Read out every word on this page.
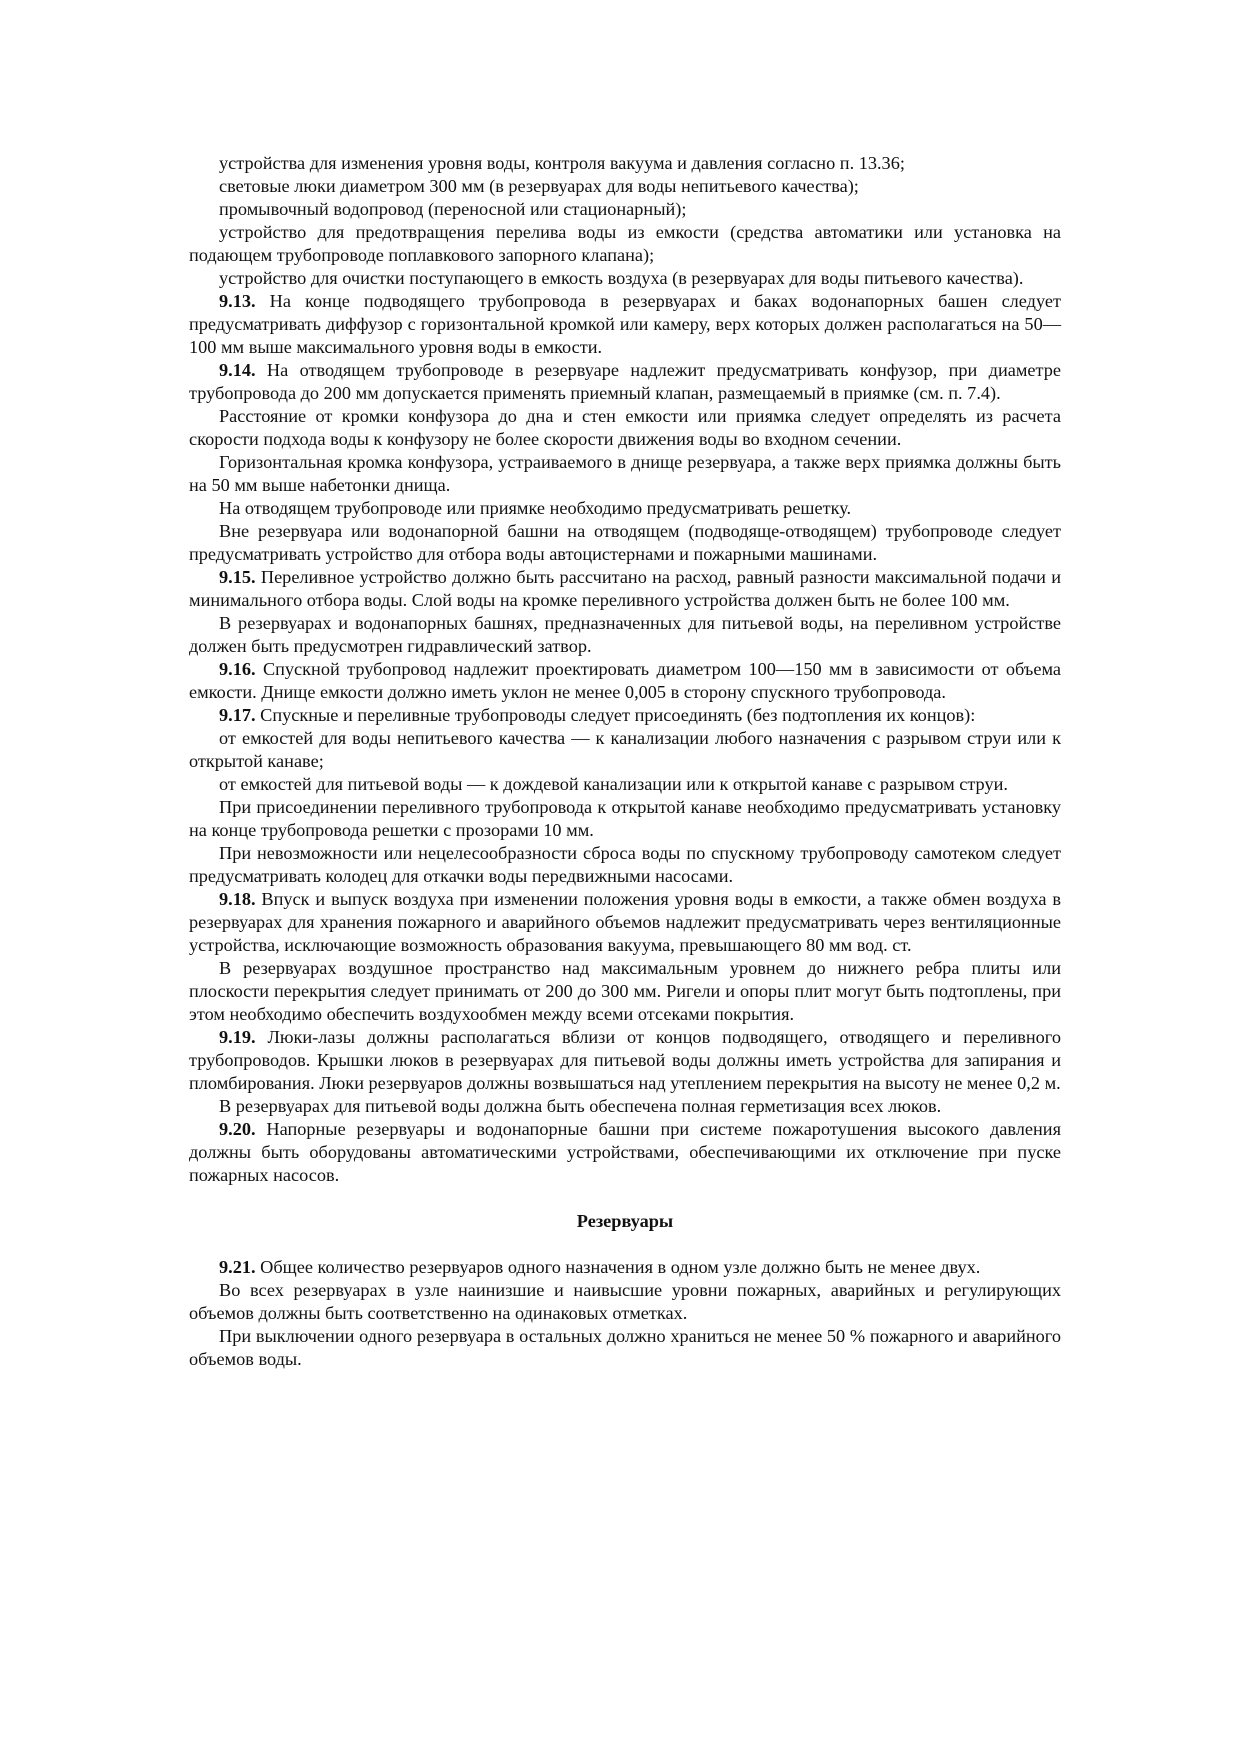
устройства для изменения уровня воды, контроля вакуума и давления согласно п. 13.36;

световые люки диаметром 300 мм (в резервуарах для воды непитьевого качества);

промывочный водопровод (переносной или стационарный);

устройство для предотвращения перелива воды из емкости (средства автоматики или установка на подающем трубопроводе поплавкового запорного клапана);

устройство для очистки поступающего в емкость воздуха (в резервуарах для воды питьевого качества).

9.13. На конце подводящего трубопровода в резервуарах и баках водонапорных башен следует предусматривать диффузор с горизонтальной кромкой или камеру, верх которых должен располагаться на 50—100 мм выше максимального уровня воды в емкости.

9.14. На отводящем трубопроводе в резервуаре надлежит предусматривать конфузор, при диаметре трубопровода до 200 мм допускается применять приемный клапан, размещаемый в приямке (см. п. 7.4).

Расстояние от кромки конфузора до дна и стен емкости или приямка следует определять из расчета скорости подхода воды к конфузору не более скорости движения воды во входном сечении.

Горизонтальная кромка конфузора, устраиваемого в днище резервуара, а также верх приямка должны быть на 50 мм выше набетонки днища.

На отводящем трубопроводе или приямке необходимо предусматривать решетку.

Вне резервуара или водонапорной башни на отводящем (подводяще-отводящем) трубопроводе следует предусматривать устройство для отбора воды автоцистернами и пожарными машинами.

9.15. Переливное устройство должно быть рассчитано на расход, равный разности максимальной подачи и минимального отбора воды. Слой воды на кромке переливного устройства должен быть не более 100 мм.

В резервуарах и водонапорных башнях, предназначенных для питьевой воды, на переливном устройстве должен быть предусмотрен гидравлический затвор.

9.16. Спускной трубопровод надлежит проектировать диаметром 100—150 мм в зависимости от объема емкости. Днище емкости должно иметь уклон не менее 0,005 в сторону спускного трубопровода.

9.17. Спускные и переливные трубопроводы следует присоединять (без подтопления их концов):

от емкостей для воды непитьевого качества — к канализации любого назначения с разрывом струи или к открытой канаве;

от емкостей для питьевой воды — к дождевой канализации или к открытой канаве с разрывом струи.

При присоединении переливного трубопровода к открытой канаве необходимо предусматривать установку на конце трубопровода решетки с прозорами 10 мм.

При невозможности или нецелесообразности сброса воды по спускному трубопроводу самотеком следует предусматривать колодец для откачки воды передвижными насосами.

9.18. Впуск и выпуск воздуха при изменении положения уровня воды в емкости, а также обмен воздуха в резервуарах для хранения пожарного и аварийного объемов надлежит предусматривать через вентиляционные устройства, исключающие возможность образования вакуума, превышающего 80 мм вод. ст.

В резервуарах воздушное пространство над максимальным уровнем до нижнего ребра плиты или плоскости перекрытия следует принимать от 200 до 300 мм. Ригели и опоры плит могут быть подтоплены, при этом необходимо обеспечить воздухообмен между всеми отсеками покрытия.

9.19. Люки-лазы должны располагаться вблизи от концов подводящего, отводящего и переливного трубопроводов. Крышки люков в резервуарах для питьевой воды должны иметь устройства для запирания и пломбирования. Люки резервуаров должны возвышаться над утеплением перекрытия на высоту не менее 0,2 м.

В резервуарах для питьевой воды должна быть обеспечена полная герметизация всех люков.

9.20. Напорные резервуары и водонапорные башни при системе пожаротушения высокого давления должны быть оборудованы автоматическими устройствами, обеспечивающими их отключение при пуске пожарных насосов.

Резервуары

9.21. Общее количество резервуаров одного назначения в одном узле должно быть не менее двух.

Во всех резервуарах в узле наинизшие и наивысшие уровни пожарных, аварийных и регулирующих объемов должны быть соответственно на одинаковых отметках.

При выключении одного резервуара в остальных должно храниться не менее 50 % пожарного и аварийного объемов воды.
